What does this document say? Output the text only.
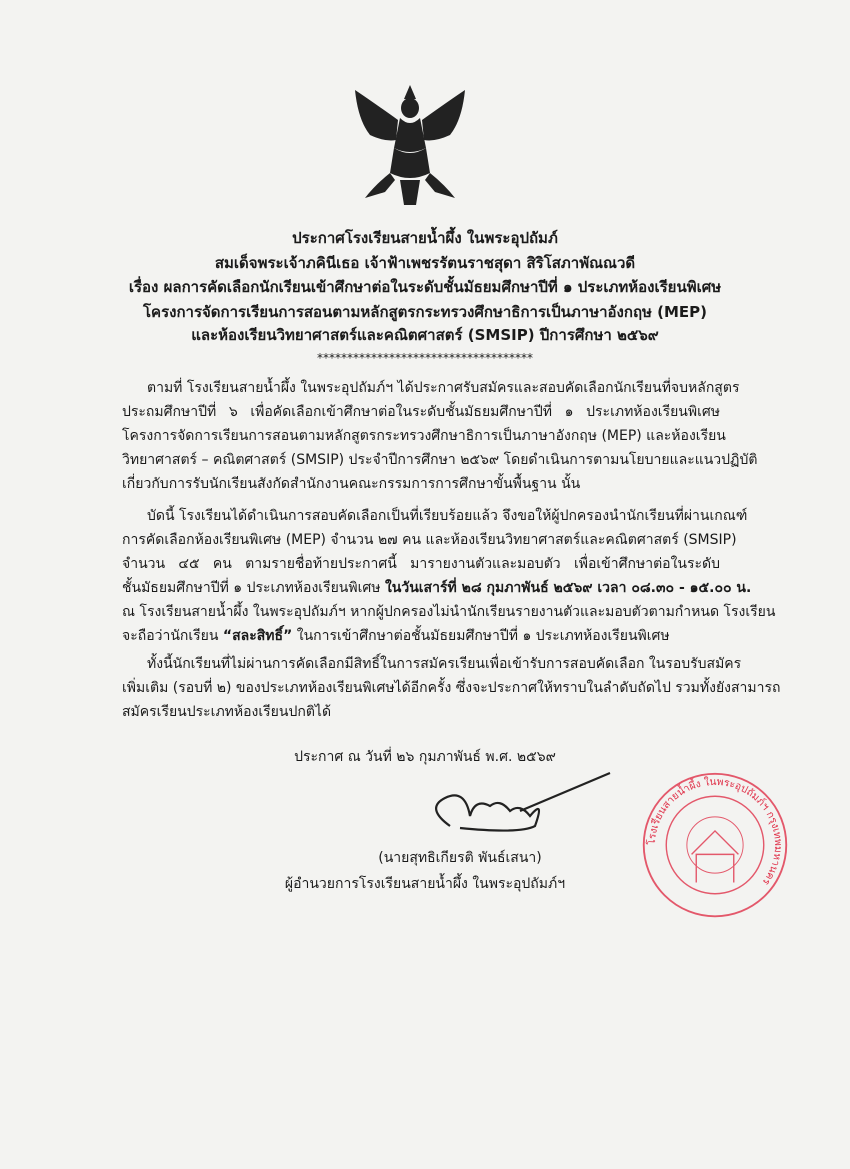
ประกาศโรงเรียนสายน้ำผึ้ง ในพระอุปถัมภ์
สมเด็จพระเจ้าภคินีเธอ เจ้าฟ้าเพชรรัตนราชสุดา สิริโสภาพัณณวดี
เรื่อง ผลการคัดเลือกนักเรียนเข้าศึกษาต่อในระดับชั้นมัธยมศึกษาปีที่ ๑ ประเภทห้องเรียนพิเศษ
โครงการจัดการเรียนการสอนตามหลักสูตรกระทรวงศึกษาธิการเป็นภาษาอังกฤษ (MEP)
และห้องเรียนวิทยาศาสตร์และคณิตศาสตร์ (SMSIP) ปีการศึกษา ๒๕๖๙
************************************
ตามที่ โรงเรียนสายน้ำผึ้ง ในพระอุปถัมภ์ฯ ได้ประกาศรับสมัครและสอบคัดเลือกนักเรียนที่จบหลักสูตร
ประถมศึกษาปีที่ ๖ เพื่อคัดเลือกเข้าศึกษาต่อในระดับชั้นมัธยมศึกษาปีที่ ๑ ประเภทห้องเรียนพิเศษ
โครงการจัดการเรียนการสอนตามหลักสูตรกระทรวงศึกษาธิการเป็นภาษาอังกฤษ (MEP) และห้องเรียน
วิทยาศาสตร์ – คณิตศาสตร์ (SMSIP) ประจำปีการศึกษา ๒๕๖๙ โดยดำเนินการตามนโยบายและแนวปฏิบัติ
เกี่ยวกับการรับนักเรียนสังกัดสำนักงานคณะกรรมการการศึกษาขั้นพื้นฐาน นั้น
บัดนี้ โรงเรียนได้ดำเนินการสอบคัดเลือกเป็นที่เรียบร้อยแล้ว จึงขอให้ผู้ปกครองนำนักเรียนที่ผ่านเกณฑ์
การคัดเลือกห้องเรียนพิเศษ (MEP) จำนวน ๒๗ คน และห้องเรียนวิทยาศาสตร์และคณิตศาสตร์ (SMSIP)
จำนวน ๔๕ คน ตามรายชื่อท้ายประกาศนี้ มารายงานตัวและมอบตัว เพื่อเข้าศึกษาต่อในระดับ
ชั้นมัธยมศึกษาปีที่ ๑ ประเภทห้องเรียนพิเศษ ในวันเสาร์ที่ ๒๘ กุมภาพันธ์ ๒๕๖๙ เวลา ๐๘.๓๐ - ๑๕.๐๐ น.
ณ โรงเรียนสายน้ำผึ้ง ในพระอุปถัมภ์ฯ หากผู้ปกครองไม่นำนักเรียนรายงานตัวและมอบตัวตามกำหนด โรงเรียน
จะถือว่านักเรียน “สละสิทธิ์” ในการเข้าศึกษาต่อชั้นมัธยมศึกษาปีที่ ๑ ประเภทห้องเรียนพิเศษ
ทั้งนี้นักเรียนที่ไม่ผ่านการคัดเลือกมีสิทธิ์ในการสมัครเรียนเพื่อเข้ารับการสอบคัดเลือก ในรอบรับสมัคร
เพิ่มเติม (รอบที่ ๒) ของประเภทห้องเรียนพิเศษได้อีกครั้ง ซึ่งจะประกาศให้ทราบในลำดับถัดไป รวมทั้งยังสามารถ
สมัครเรียนประเภทห้องเรียนปกติได้
ประกาศ ณ วันที่ ๒๖ กุมภาพันธ์ พ.ศ. ๒๕๖๙
โรงเรียนสายน้ำผึ้ง ในพระอุปถัมภ์ฯ กรุงเทพมหานคร
(นายสุทธิเกียรติ พันธ์เสนา)
ผู้อำนวยการโรงเรียนสายน้ำผึ้ง ในพระอุปถัมภ์ฯ
